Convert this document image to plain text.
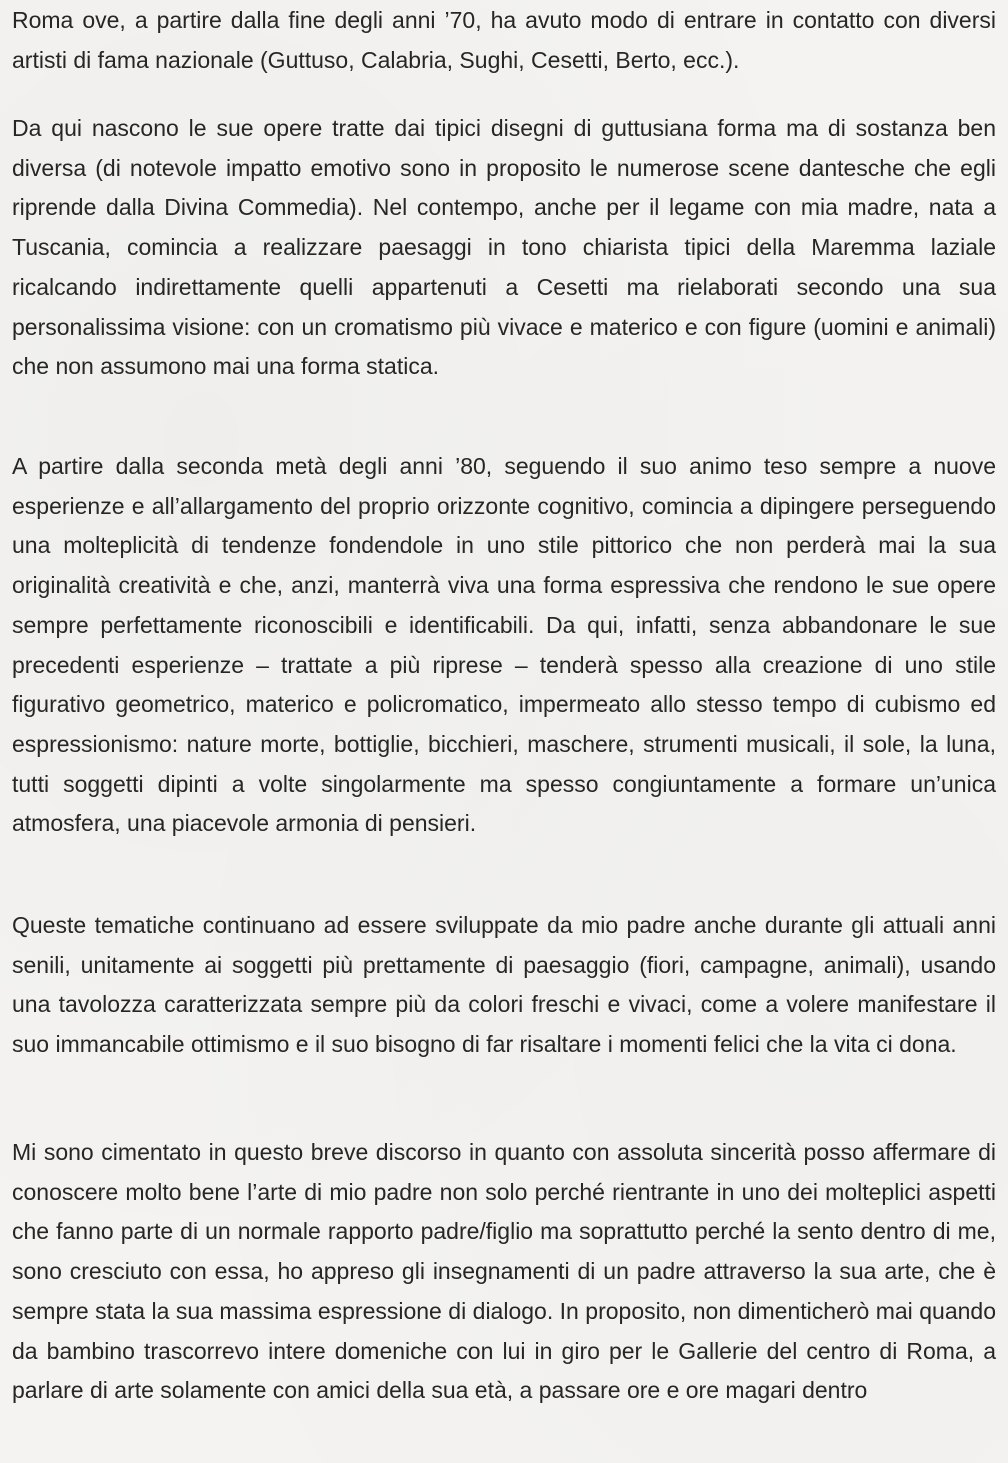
Roma ove, a partire dalla fine degli anni ’70, ha avuto modo di entrare in contatto con diversi artisti di fama nazionale (Guttuso, Calabria, Sughi, Cesetti, Berto, ecc.).

Da qui nascono le sue opere tratte dai tipici disegni di guttusiana forma ma di sostanza ben diversa (di notevole impatto emotivo sono in proposito le numerose scene dantesche che egli riprende dalla Divina Commedia). Nel contempo, anche per il legame con mia madre, nata a Tuscania, comincia a realizzare paesaggi in tono chiarista tipici della Maremma laziale ricalcando indirettamente quelli appartenuti a Cesetti ma rielaborati secondo una sua personalissima visione: con un cromatismo più vivace e materico e con figure (uomini e animali) che non assumono mai una forma statica.

A partire dalla seconda metà degli anni ’80, seguendo il suo animo teso sempre a nuove esperienze e all’allargamento del proprio orizzonte cognitivo, comincia a dipingere perseguendo una molteplicità di tendenze fondendole in uno stile pittorico che non perderà mai la sua originalità creatività e che, anzi, manterrà viva una forma espressiva che rendono le sue opere sempre perfettamente riconoscibili e identificabili. Da qui, infatti, senza abbandonare le sue precedenti esperienze – trattate a più riprese – tenderà spesso alla creazione di uno stile figurativo geometrico, materico e policromatico, impermeato allo stesso tempo di cubismo ed espressionismo: nature morte, bottiglie, bicchieri, maschere, strumenti musicali, il sole, la luna, tutti soggetti dipinti a volte singolarmente ma spesso congiuntamente a formare un’unica atmosfera, una piacevole armonia di pensieri.

Queste tematiche continuano ad essere sviluppate da mio padre anche durante gli attuali anni senili, unitamente ai soggetti più prettamente di paesaggio (fiori, campagne, animali), usando una tavolozza caratterizzata sempre più da colori freschi e vivaci, come a volere manifestare il suo immancabile ottimismo e il suo bisogno di far risaltare i momenti felici che la vita ci dona.

Mi sono cimentato in questo breve discorso in quanto con assoluta sincerità posso affermare di conoscere molto bene l’arte di mio padre non solo perché rientrante in uno dei molteplici aspetti che fanno parte di un normale rapporto padre/figlio ma soprattutto perché la sento dentro di me, sono cresciuto con essa, ho appreso gli insegnamenti di un padre attraverso la sua arte, che è sempre stata la sua massima espressione di dialogo. In proposito, non dimenticherò mai quando da bambino trascorrevo intere domeniche con lui in giro per le Gallerie del centro di Roma, a parlare di arte solamente con amici della sua età, a passare ore e ore magari dentro
